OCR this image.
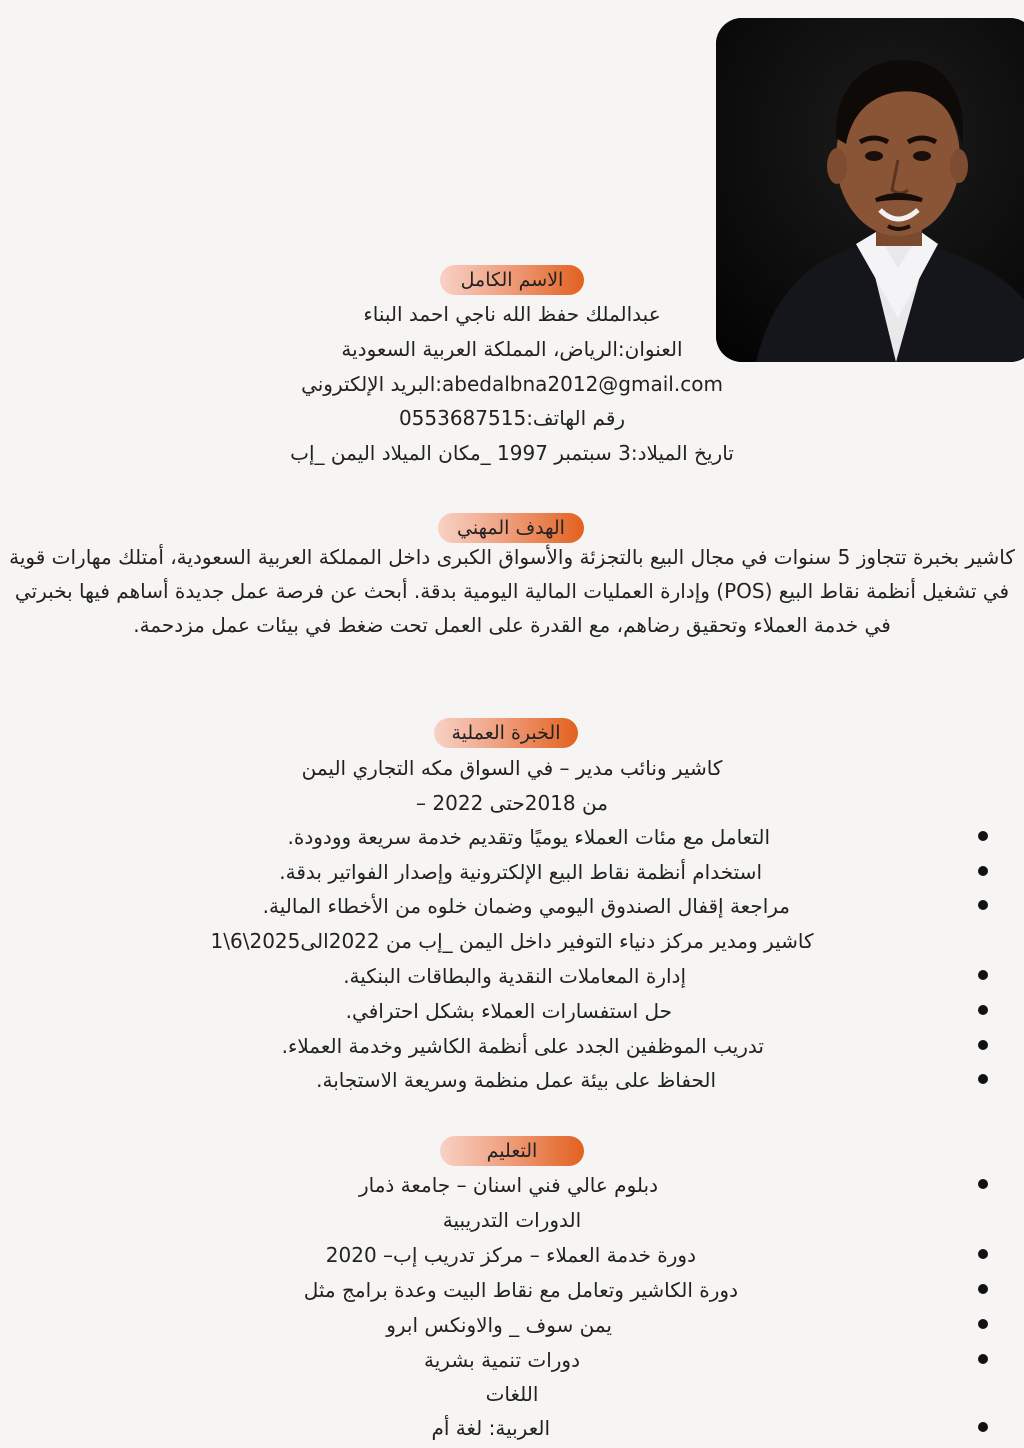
الاسم الكامل
عبدالملك حفظ الله ناجي احمد البناء
العنوان:الرياض، المملكة العربية السعودية
البريد الإلكتروني:abedalbna2012@gmail.com
رقم الهاتف:0553687515
تاريخ الميلاد:3 سبتمبر 1997 _مكان الميلاد اليمن _إب
الهدف المهني
كاشير بخبرة تتجاوز 5 سنوات في مجال البيع بالتجزئة والأسواق الكبرى داخل المملكة العربية السعودية، أمتلك مهارات قوية في تشغيل أنظمة نقاط البيع (POS) وإدارة العمليات المالية اليومية بدقة. أبحث عن فرصة عمل جديدة أساهم فيها بخبرتي في خدمة العملاء وتحقيق رضاهم، مع القدرة على العمل تحت ضغط في بيئات عمل مزدحمة.
الخبرة العملية
كاشير ونائب مدير – في السواق مكه التجاري اليمن
– من 2018حتى 2022
التعامل مع مئات العملاء يوميًا وتقديم خدمة سريعة وودودة.
استخدام أنظمة نقاط البيع الإلكترونية وإصدار الفواتير بدقة.
مراجعة إقفال الصندوق اليومي وضمان خلوه من الأخطاء المالية.
كاشير ومدير مركز دنياء التوفير داخل اليمن _إب من 2022الى2025\6\1
إدارة المعاملات النقدية والبطاقات البنكية.
حل استفسارات العملاء بشكل احترافي.
تدريب الموظفين الجدد على أنظمة الكاشير وخدمة العملاء.
الحفاظ على بيئة عمل منظمة وسريعة الاستجابة.
التعليم
دبلوم عالي فني اسنان – جامعة ذمار
الدورات التدريبية
دورة خدمة العملاء – مركز تدريب إب– 2020
دورة الكاشير وتعامل مع نقاط البيت وعدة برامج مثل
يمن سوف _ والاونكس ابرو
دورات تنمية بشرية
اللغات
العربية: لغة أم
